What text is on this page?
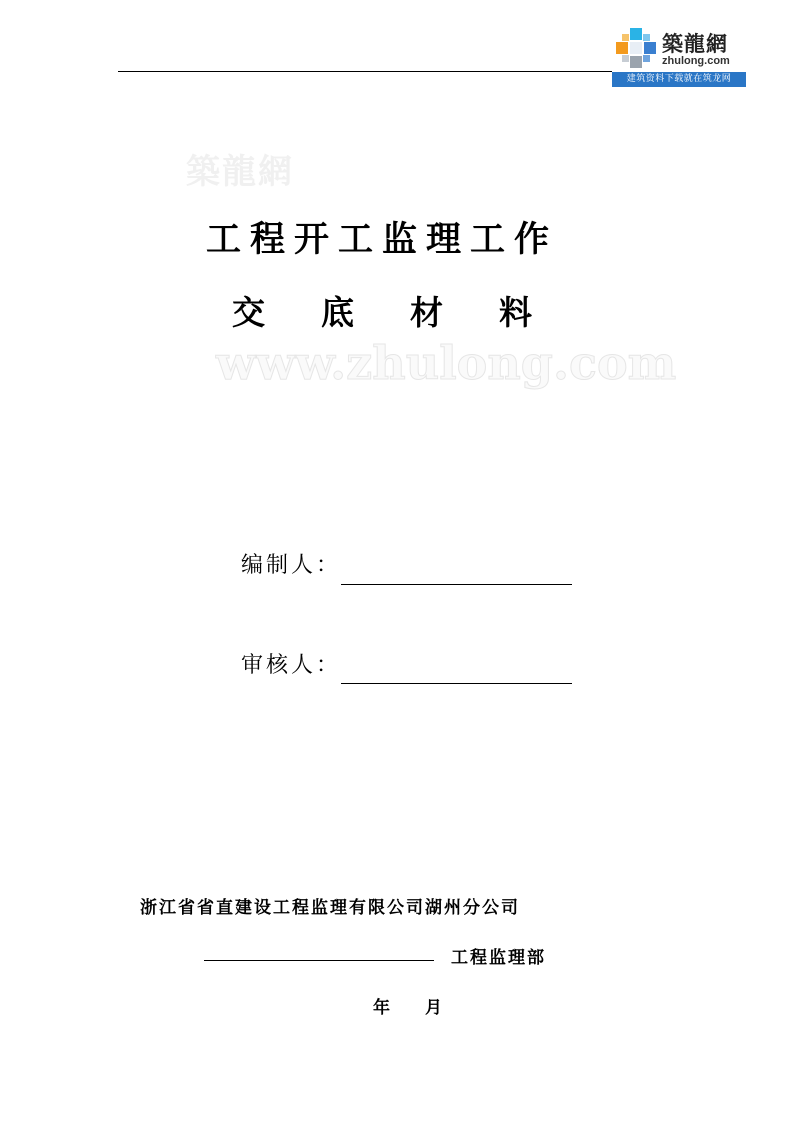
築龍網
zhulong.com
建筑资料下载就在筑龙网
築龍網
www.zhulong.com
工程开工监理工作
交底材料
编制人：
审核人：
浙江省省直建设工程监理有限公司湖州分公司
工程监理部
年 月
